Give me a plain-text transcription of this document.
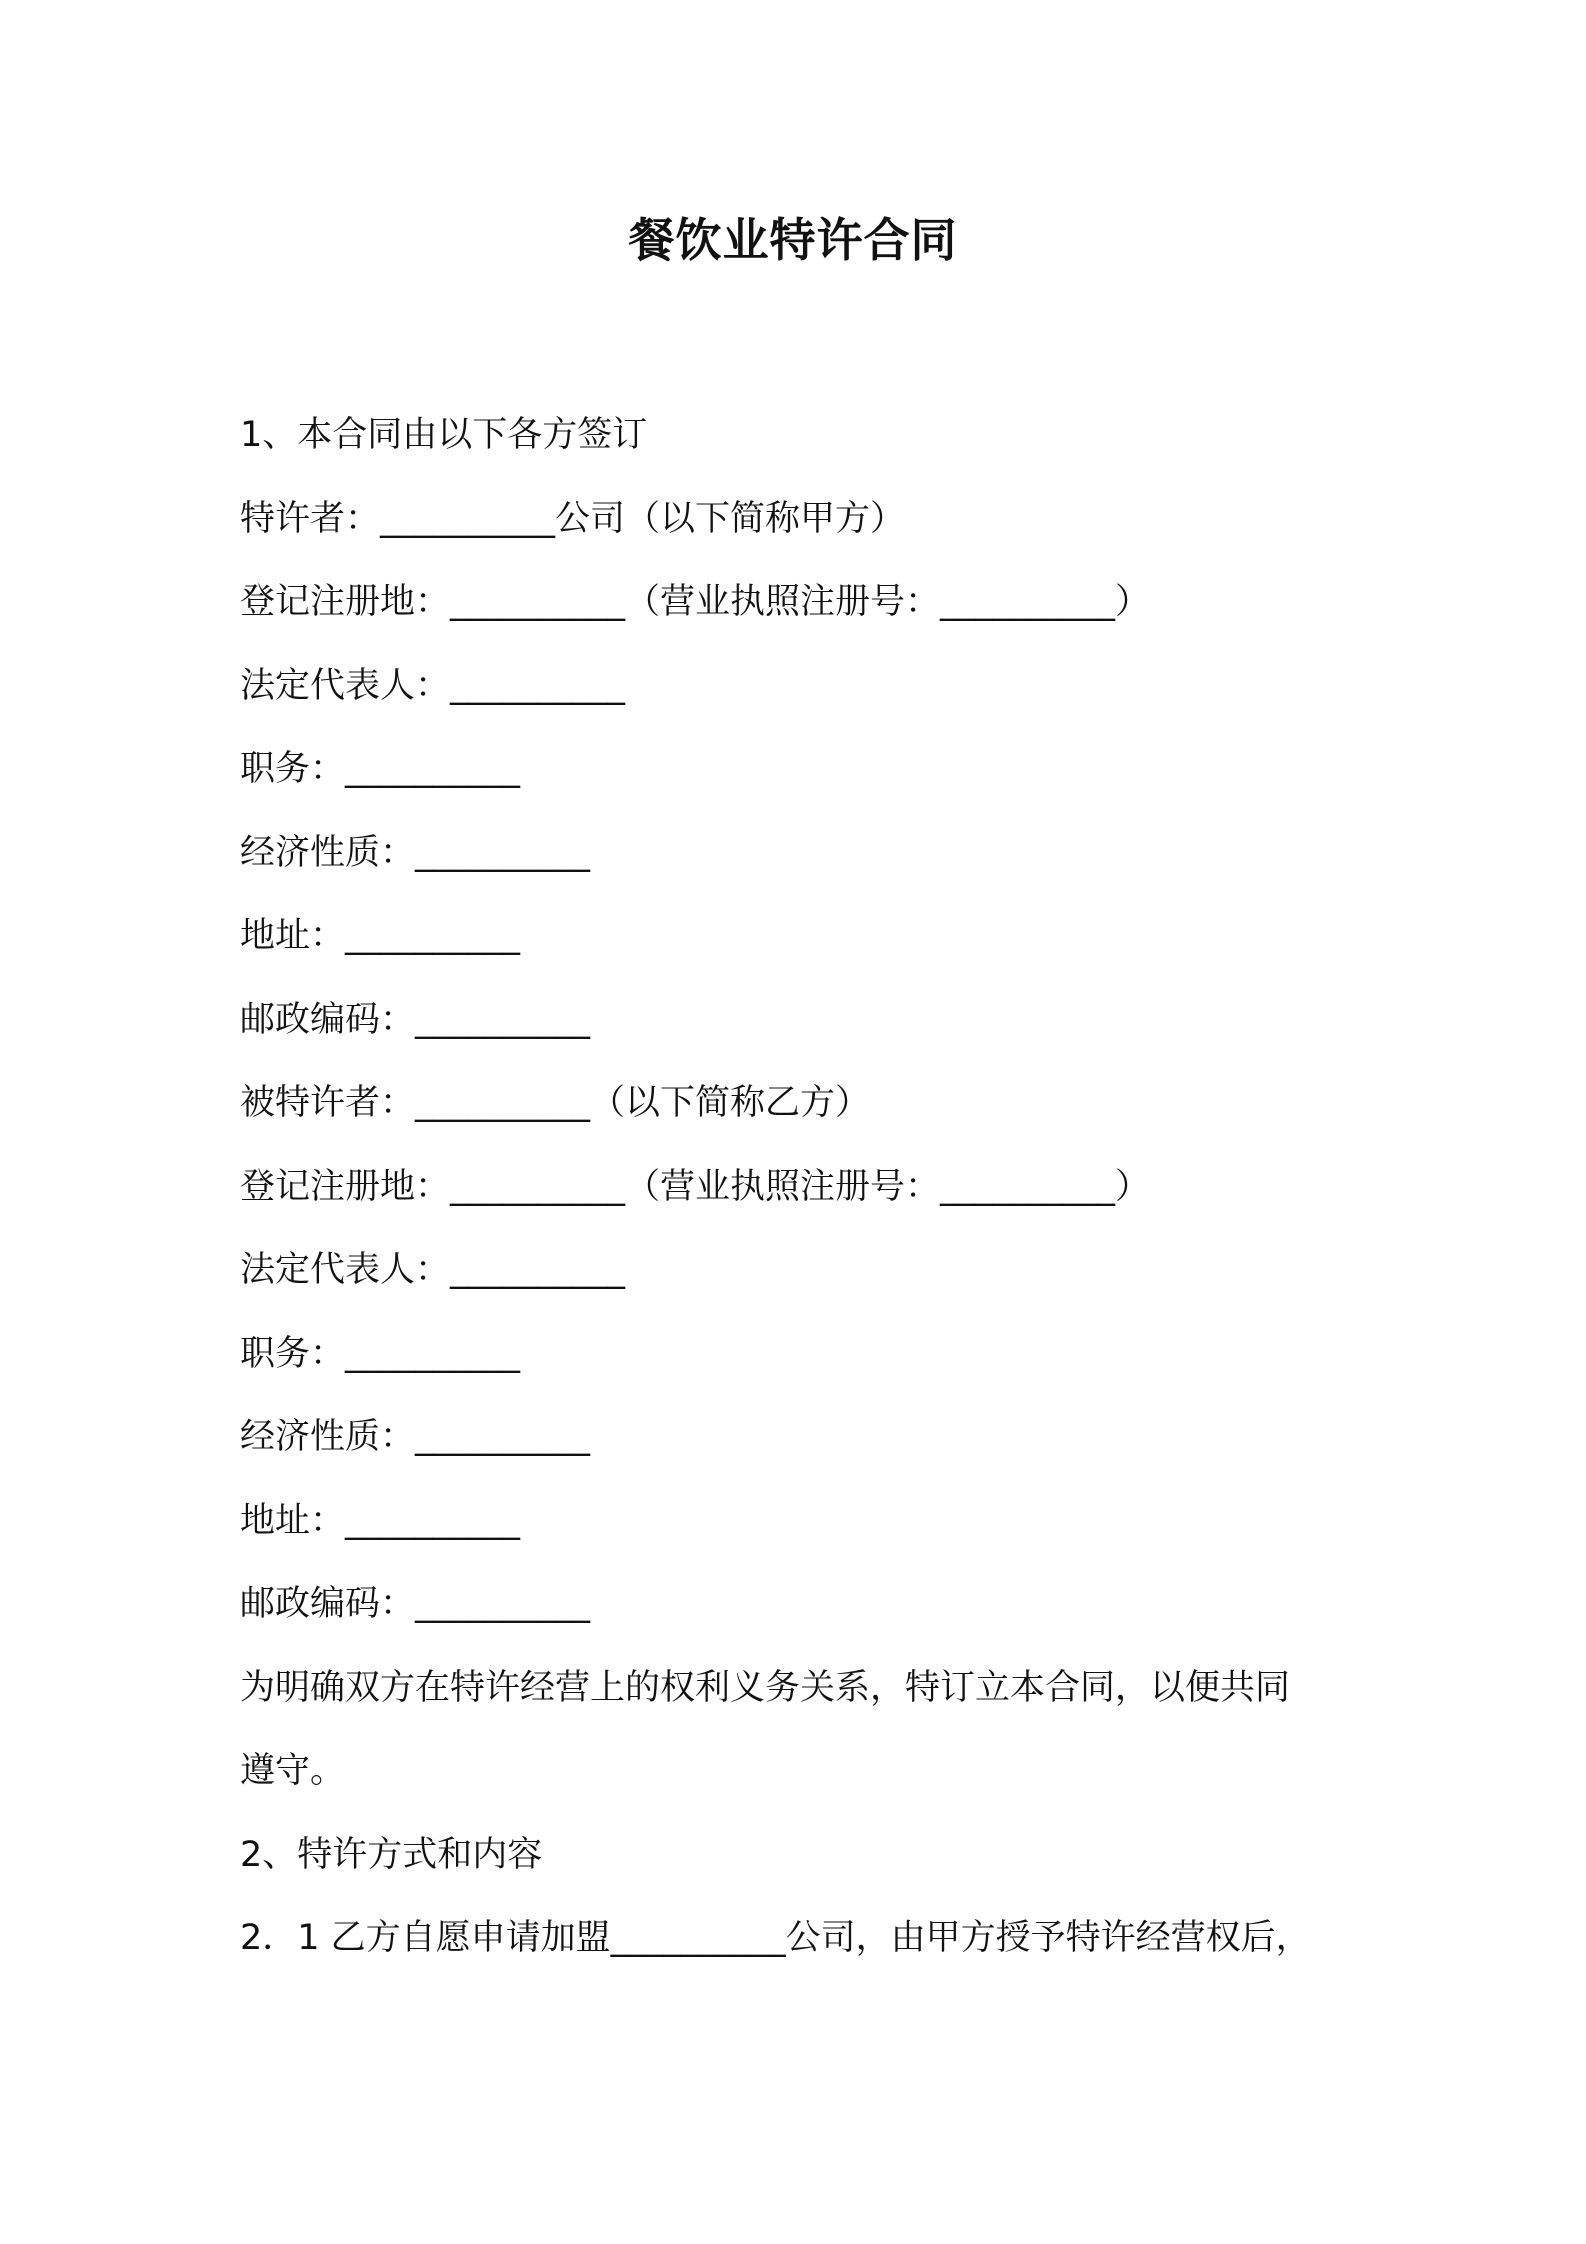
餐饮业特许合同
1、本合同由以下各方签订
特许者：__________公司（以下简称甲方）
登记注册地：__________（营业执照注册号：__________）
法定代表人：__________
职务：__________
经济性质：__________
地址：__________
邮政编码：__________
被特许者：__________（以下简称乙方）
登记注册地：__________（营业执照注册号：__________）
法定代表人：__________
职务：__________
经济性质：__________
地址：__________
邮政编码：__________
为明确双方在特许经营上的权利义务关系，特订立本合同，以便共同
遵守。
2、特许方式和内容
2．1 乙方自愿申请加盟__________公司，由甲方授予特许经营权后，
